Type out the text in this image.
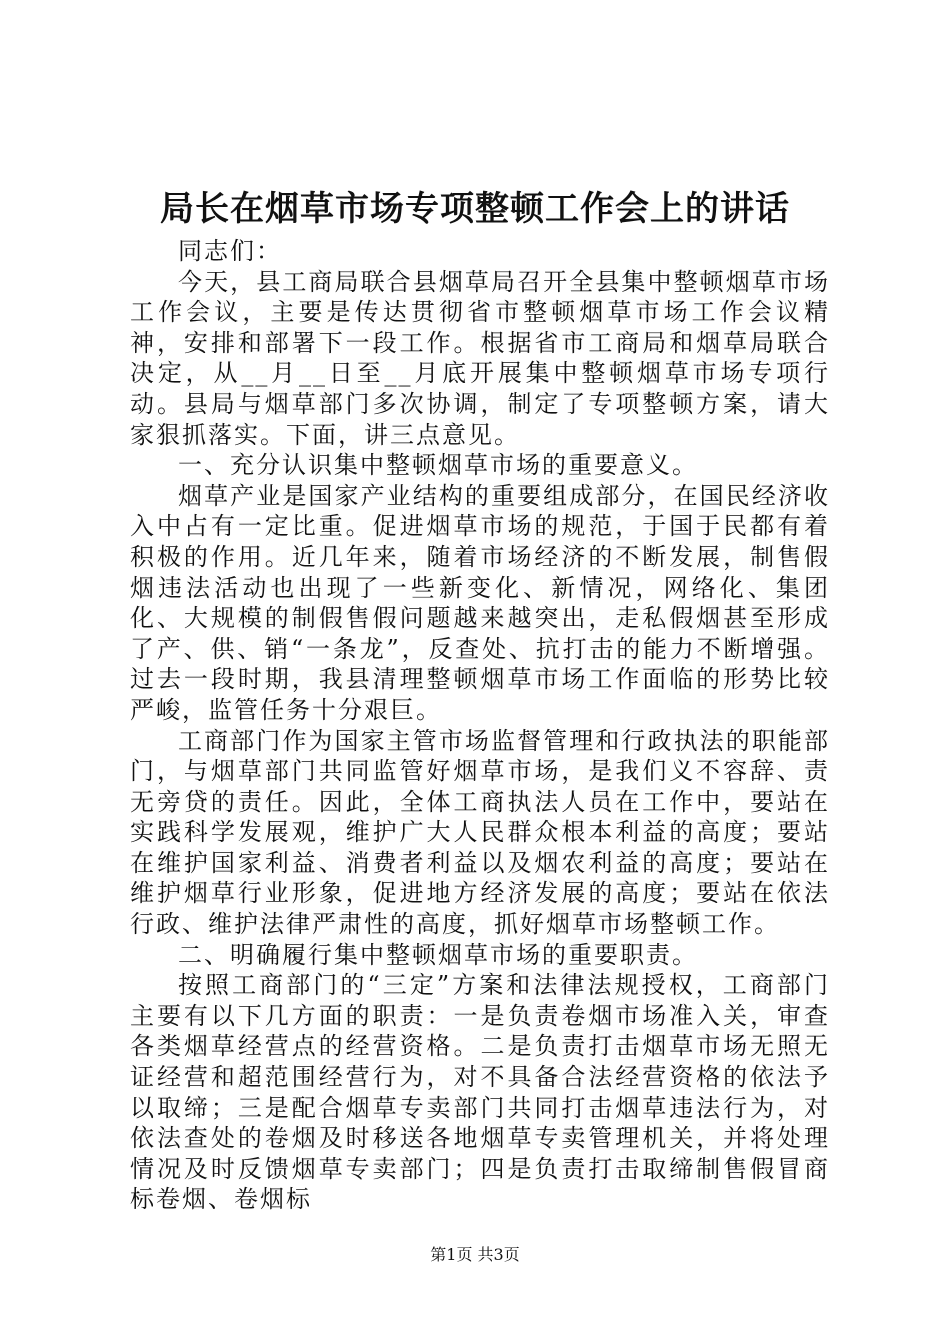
局长在烟草市场专项整顿工作会上的讲话

同志们：

今天，县工商局联合县烟草局召开全县集中整顿烟草市场工作会议，主要是传达贯彻省市整顿烟草市场工作会议精神，安排和部署下一段工作。根据省市工商局和烟草局联合决定，从__月__日至__月底开展集中整顿烟草市场专项行动。县局与烟草部门多次协调，制定了专项整顿方案，请大家狠抓落实。下面，讲三点意见。

一、充分认识集中整顿烟草市场的重要意义。

烟草产业是国家产业结构的重要组成部分，在国民经济收入中占有一定比重。促进烟草市场的规范，于国于民都有着积极的作用。近几年来，随着市场经济的不断发展，制售假烟违法活动也出现了一些新变化、新情况，网络化、集团化、大规模的制假售假问题越来越突出，走私假烟甚至形成了产、供、销“一条龙”，反查处、抗打击的能力不断增强。过去一段时期，我县清理整顿烟草市场工作面临的形势比较严峻，监管任务十分艰巨。

工商部门作为国家主管市场监督管理和行政执法的职能部门，与烟草部门共同监管好烟草市场，是我们义不容辞、责无旁贷的责任。因此，全体工商执法人员在工作中，要站在实践科学发展观，维护广大人民群众根本利益的高度；要站在维护国家利益、消费者利益以及烟农利益的高度；要站在维护烟草行业形象，促进地方经济发展的高度；要站在依法行政、维护法律严肃性的高度，抓好烟草市场整顿工作。

二、明确履行集中整顿烟草市场的重要职责。

按照工商部门的“三定”方案和法律法规授权，工商部门主要有以下几方面的职责：一是负责卷烟市场准入关，审查各类烟草经营点的经营资格。二是负责打击烟草市场无照无证经营和超范围经营行为，对不具备合法经营资格的依法予以取缔；三是配合烟草专卖部门共同打击烟草违法行为，对依法查处的卷烟及时移送各地烟草专卖管理机关，并将处理情况及时反馈烟草专卖部门；四是负责打击取缔制售假冒商标卷烟、卷烟标

第1页 共3页
